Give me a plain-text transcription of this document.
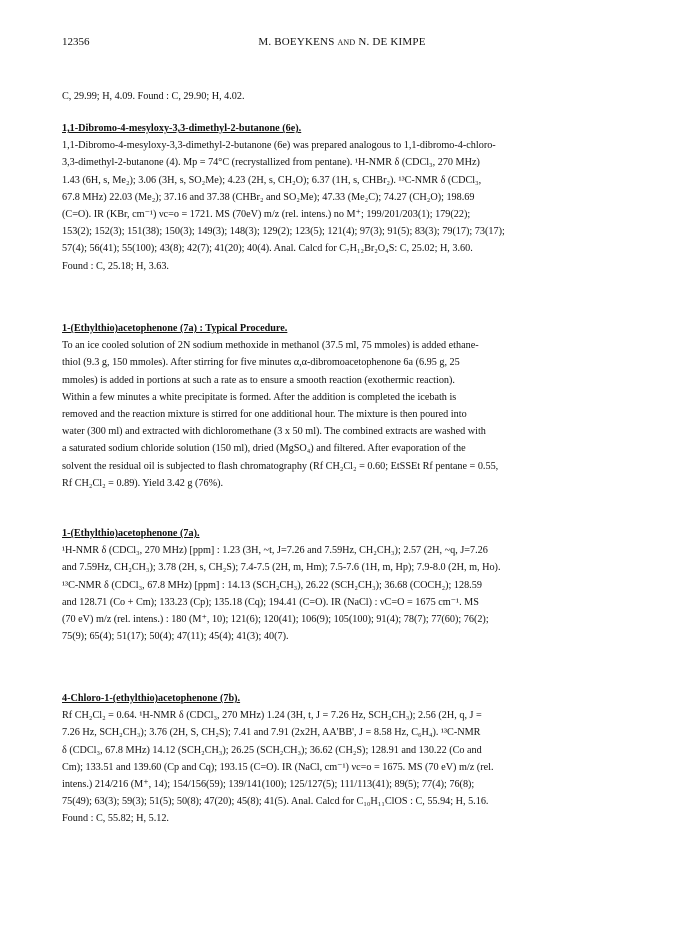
12356	M. BOEYKENS and N. DE KIMPE
C, 29.99; H, 4.09. Found : C, 29.90; H, 4.02.
1,1-Dibromo-4-mesyloxy-3,3-dimethyl-2-butanone (6e).
1,1-Dibromo-4-mesyloxy-3,3-dimethyl-2-butanone (6e) was prepared analogous to 1,1-dibromo-4-chloro-
3,3-dimethyl-2-butanone (4). Mp = 74°C (recrystallized from pentane). ¹H-NMR δ (CDCl₃, 270 MHz)
1.43 (6H, s, Me₂); 3.06 (3H, s, SO₂Me); 4.23 (2H, s, CH₂O); 6.37 (1H, s, CHBr₂). ¹³C-NMR δ (CDCl₃,
67.8 MHz) 22.03 (Me₂); 37.16 and 37.38 (CHBr₂ and SO₂Me); 47.33 (Me₂C); 74.27 (CH₂O); 198.69
(C=O). IR (KBr, cm⁻¹) νc=o = 1721. MS (70eV) m/z (rel. intens.) no M⁺; 199/201/203(1); 179(22);
153(2); 152(3); 151(38); 150(3); 149(3); 148(3); 129(2); 123(5); 121(4); 97(3); 91(5); 83(3); 79(17); 73(17);
57(4); 56(41); 55(100); 43(8); 42(7); 41(20); 40(4). Anal. Calcd for C₇H₁₂Br₂O₄S: C, 25.02; H, 3.60.
Found : C, 25.18; H, 3.63.
1-(Ethylthio)acetophenone (7a) : Typical Procedure.
To an ice cooled solution of 2N sodium methoxide in methanol (37.5 ml, 75 mmoles) is added ethane-
thiol (9.3 g, 150 mmoles). After stirring for five minutes α,α-dibromoacetophenone 6a (6.95 g, 25
mmoles) is added in portions at such a rate as to ensure a smooth reaction (exothermic reaction).
Within a few minutes a white precipitate is formed. After the addition is completed the icebath is
removed and the reaction mixture is stirred for one additional hour. The mixture is then poured into
water (300 ml) and extracted with dichloromethane (3 x 50 ml). The combined extracts are washed with
a saturated sodium chloride solution (150 ml), dried (MgSO₄) and filtered. After evaporation of the
solvent the residual oil is subjected to flash chromatography (Rf CH₂Cl₂ = 0.60; EtSSEt Rf pentane = 0.55,
Rf CH₂Cl₂ = 0.89). Yield 3.42 g (76%).
1-(Ethylthio)acetophenone (7a).
¹H-NMR δ (CDCl₃, 270 MHz) [ppm] : 1.23 (3H, ~t, J=7.26 and 7.59Hz, CH₂CH₃); 2.57 (2H, ~q, J=7.26
and 7.59Hz, CH₂CH₃); 3.78 (2H, s, CH₂S); 7.4-7.5 (2H, m, Hm); 7.5-7.6 (1H, m, Hp); 7.9-8.0 (2H, m, Ho).
¹³C-NMR δ (CDCl₃, 67.8 MHz) [ppm] : 14.13 (SCH₂CH₃), 26.22 (SCH₂CH₃); 36.68 (COCH₂); 128.59
and 128.71 (Co + Cm); 133.23 (Cp); 135.18 (Cq); 194.41 (C=O). IR (NaCl) : νC=O = 1675 cm⁻¹. MS
(70 eV) m/z (rel. intens.) : 180 (M⁺, 10); 121(6); 120(41); 106(9); 105(100); 91(4); 78(7); 77(60); 76(2);
75(9); 65(4); 51(17); 50(4); 47(11); 45(4); 41(3); 40(7).
4-Chloro-1-(ethylthio)acetophenone (7b).
Rf CH₂Cl₂ = 0.64. ¹H-NMR δ (CDCl₃, 270 MHz) 1.24 (3H, t, J = 7.26 Hz, SCH₂CH₃); 2.56 (2H, q, J =
7.26 Hz, SCH₂CH₃); 3.76 (2H, S, CH₂S); 7.41 and 7.91 (2x2H, AA'BB', J = 8.58 Hz, C₆H₄). ¹³C-NMR
δ (CDCl₃, 67.8 MHz) 14.12 (SCH₂CH₃); 26.25 (SCH₂CH₃); 36.62 (CH₂S); 128.91 and 130.22 (Co and
Cm); 133.51 and 139.60 (Cp and Cq); 193.15 (C=O). IR (NaCl, cm⁻¹) νc=o = 1675. MS (70 eV) m/z (rel.
intens.) 214/216 (M⁺, 14); 154/156(59); 139/141(100); 125/127(5); 111/113(41); 89(5); 77(4); 76(8);
75(49); 63(3); 59(3); 51(5); 50(8); 47(20); 45(8); 41(5). Anal. Calcd for C₁₀H₁₁ClOS : C, 55.94; H, 5.16.
Found : C, 55.82; H, 5.12.
